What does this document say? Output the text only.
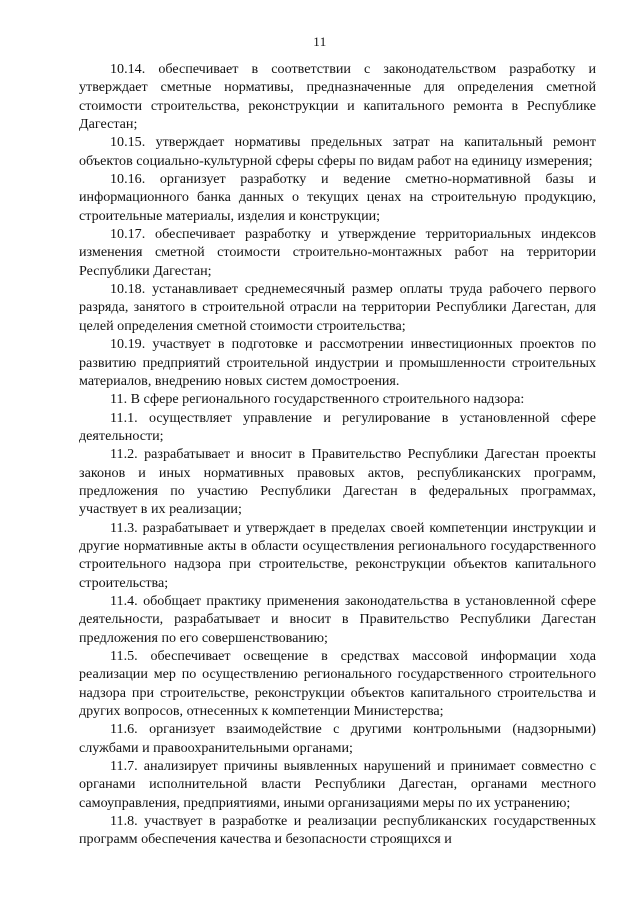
11

10.14. обеспечивает в соответствии с законодательством разработку и утверждает сметные нормативы, предназначенные для определения сметной стоимости строительства, реконструкции и капитального ремонта в Республике Дагестан;

10.15. утверждает нормативы предельных затрат на капитальный ремонт объектов социально-культурной сферы сферы по видам работ на единицу измерения;

10.16. организует разработку и ведение сметно-нормативной базы и информационного банка данных о текущих ценах на строительную продукцию, строительные материалы, изделия и конструкции;

10.17. обеспечивает разработку и утверждение территориальных индексов изменения сметной стоимости строительно-монтажных работ на территории Республики Дагестан;

10.18. устанавливает среднемесячный размер оплаты труда рабочего первого разряда, занятого в строительной отрасли на территории Республики Дагестан, для целей определения сметной стоимости строительства;

10.19. участвует в подготовке и рассмотрении инвестиционных проектов по развитию предприятий строительной индустрии и промышленности строительных материалов, внедрению новых систем домостроения.

11. В сфере регионального государственного строительного надзора:

11.1. осуществляет управление и регулирование в установленной сфере деятельности;

11.2. разрабатывает и вносит в Правительство Республики Дагестан проекты законов и иных нормативных правовых актов, республиканских программ, предложения по участию Республики Дагестан в федеральных программах, участвует в их реализации;

11.3. разрабатывает и утверждает в пределах своей компетенции инструкции и другие нормативные акты в области осуществления регионального государственного строительного надзора при строительстве, реконструкции объектов капитального строительства;

11.4. обобщает практику применения законодательства в установленной сфере деятельности, разрабатывает и вносит в Правительство Республики Дагестан предложения по его совершенствованию;

11.5. обеспечивает освещение в средствах массовой информации хода реализации мер по осуществлению регионального государственного строительного надзора при строительстве, реконструкции объектов капитального строительства и других вопросов, отнесенных к компетенции Министерства;

11.6. организует взаимодействие с другими контрольными (надзорными) службами и правоохранительными органами;

11.7. анализирует причины выявленных нарушений и принимает совместно с органами исполнительной власти Республики Дагестан, органами местного самоуправления, предприятиями, иными организациями меры по их устранению;

11.8. участвует в разработке и реализации республиканских государственных программ обеспечения качества и безопасности строящихся и
